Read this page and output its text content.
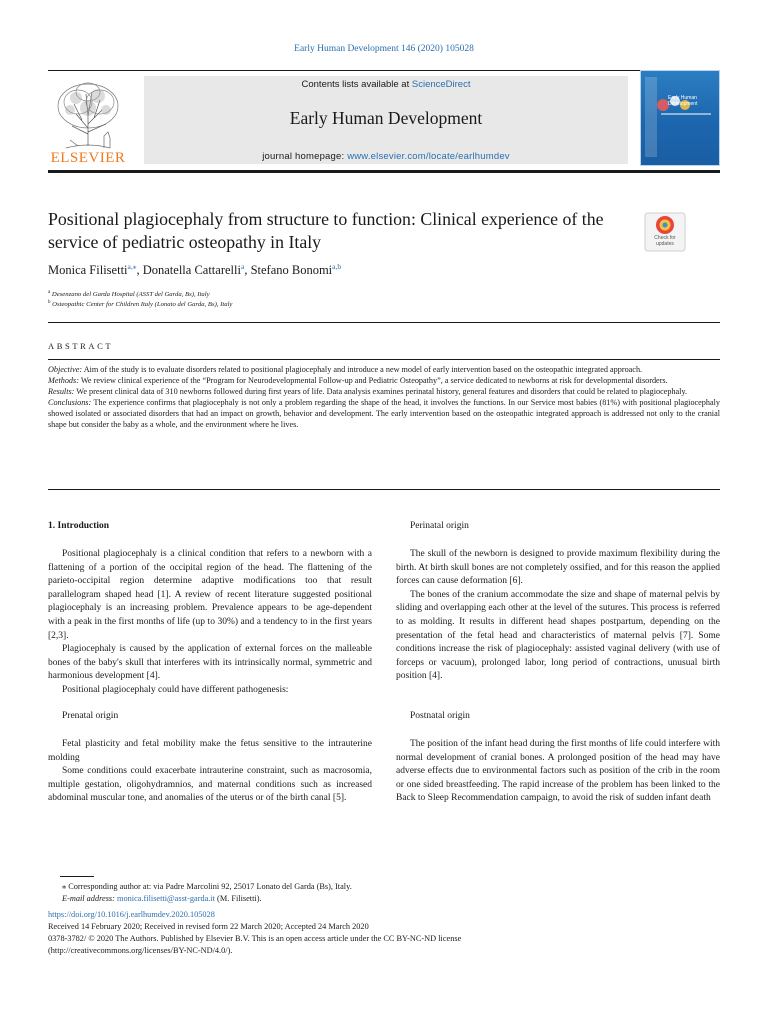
Early Human Development 146 (2020) 105028
ELSEVIER
Contents lists available at ScienceDirect
Early Human Development
journal homepage: www.elsevier.com/locate/earlhumdev
Early Human Development
Positional plagiocephaly from structure to function: Clinical experience of the service of pediatric osteopathy in Italy	Check for updates
Monica Filisetti$^{a,⁎}$, Donatella Cattarelli$^a$, Stefano Bonomi$^{a,b}$
$^a$ Desenzano del Garda Hospital (ASST del Garda, Bs), Italy
$^b$ Osteopathic Center for Children Italy (Lonato del Garda, Bs), Italy
ABSTRACT

Objective: Aim of the study is to evaluate disorders related to positional plagiocephaly and introduce a new model of early intervention based on the osteopathic integrated approach.

Methods: We review clinical experience of the “Program for Neurodevelopmental Follow-up and Pediatric Osteopathy”, a service dedicated to newborns at risk for developmental disorders.

Results: We present clinical data of 310 newborns followed during first years of life. Data analysis examines perinatal history, general features and disorders that could be related to plagiocephaly.

Conclusions: The experience confirms that plagiocephaly is not only a problem regarding the shape of the head, it involves the functions. In our Service most babies (81%) with positional plagiocephaly showed isolated or associated disorders that had an impact on growth, behavior and development. The early intervention based on the osteopathic integrated approach is addressed not only to the cranial shape but consider the baby as a whole, and the environment where he lives.

1. Introduction

Positional plagiocephaly is a clinical condition that refers to a newborn with a flattening of a portion of the occipital region of the head. The flattening of the parieto-occipital region determine adaptive modifications too that result parallelogram shaped head [1]. A review of recent literature suggested positional plagiocephaly is an increasing problem. Prevalence appears to be age-dependent with a peak in the first months of life (up to 30%) and a tendency to in the first years [2,3].

Plagiocephaly is caused by the application of external forces on the malleable bones of the baby's skull that interferes with its intrinsically normal, symmetric and harmonious development [4].

Positional plagiocephaly could have different pathogenesis:

Prenatal origin

Fetal plasticity and fetal mobility make the fetus sensitive to the intrauterine molding

Some conditions could exacerbate intrauterine constraint, such as macrosomia, multiple gestation, oligohydramnios, and maternal conditions such as increased abdominal muscular tone, and anomalies of the uterus or of the birth canal [5].

Perinatal origin

The skull of the newborn is designed to provide maximum flexibility during the birth. At birth skull bones are not completely ossified, and for this reason the applied forces can cause deformation [6].

The bones of the cranium accommodate the size and shape of maternal pelvis by sliding and overlapping each other at the level of the sutures. This process is referred to as molding. It results in different head shapes postpartum, depending on the presentation of the fetal head and characteristics of maternal pelvis [7]. Some conditions increase the risk of plagiocephaly: assisted vaginal delivery (with use of forceps or vacuum), prolonged labor, long period of contractions, unusual birth position [4].

Postnatal origin

The position of the infant head during the first months of life could interfere with normal development of cranial bones. A prolonged position of the head may have adverse effects due to environmental factors such as position of the crib in the room or one sided breastfeeding. The rapid increase of the problem has been linked to the Back to Sleep Recommendation campaign, to avoid the risk of sudden infant death

⁎ Corresponding author at: via Padre Marcolini 92, 25017 Lonato del Garda (Bs), Italy.
E-mail address: monica.filisetti@asst-garda.it (M. Filisetti).
https://doi.org/10.1016/j.earlhumdev.2020.105028
Received 14 February 2020; Received in revised form 22 March 2020; Accepted 24 March 2020
0378-3782/ © 2020 The Authors. Published by Elsevier B.V. This is an open access article under the CC BY-NC-ND license
(http://creativecommons.org/licenses/BY-NC-ND/4.0/).
